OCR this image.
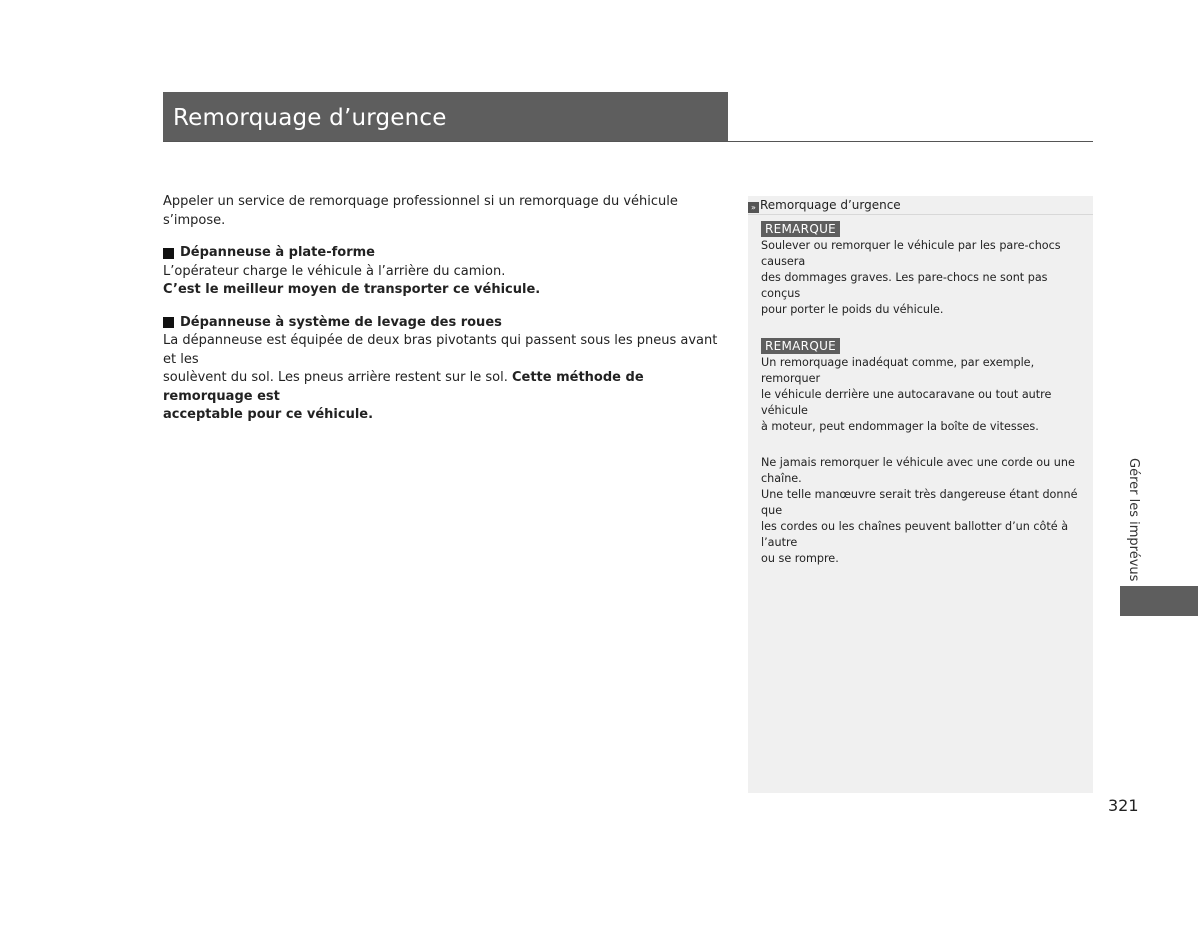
Remorquage d’urgence

Appeler un service de remorquage professionnel si un remorquage du véhicule s’impose.

Dépanneuse à plate-forme

L’opérateur charge le véhicule à l’arrière du camion.

C’est le meilleur moyen de transporter ce véhicule.

Dépanneuse à système de levage des roues

La dépanneuse est équipée de deux bras pivotants qui passent sous les pneus avant et les

soulèvent du sol. Les pneus arrière restent sur le sol. Cette méthode de remorquage est

acceptable pour ce véhicule.

» Remorquage d’urgence
REMARQUE

Soulever ou remorquer le véhicule par les pare-chocs causera

des dommages graves. Les pare-chocs ne sont pas conçus

pour porter le poids du véhicule.

REMARQUE

Un remorquage inadéquat comme, par exemple, remorquer

le véhicule derrière une autocaravane ou tout autre véhicule

à moteur, peut endommager la boîte de vitesses.

Ne jamais remorquer le véhicule avec une corde ou une

chaîne.

Une telle manœuvre serait très dangereuse étant donné que

les cordes ou les chaînes peuvent ballotter d’un côté à l’autre

ou se rompre.	Gérer les imprévus
321
